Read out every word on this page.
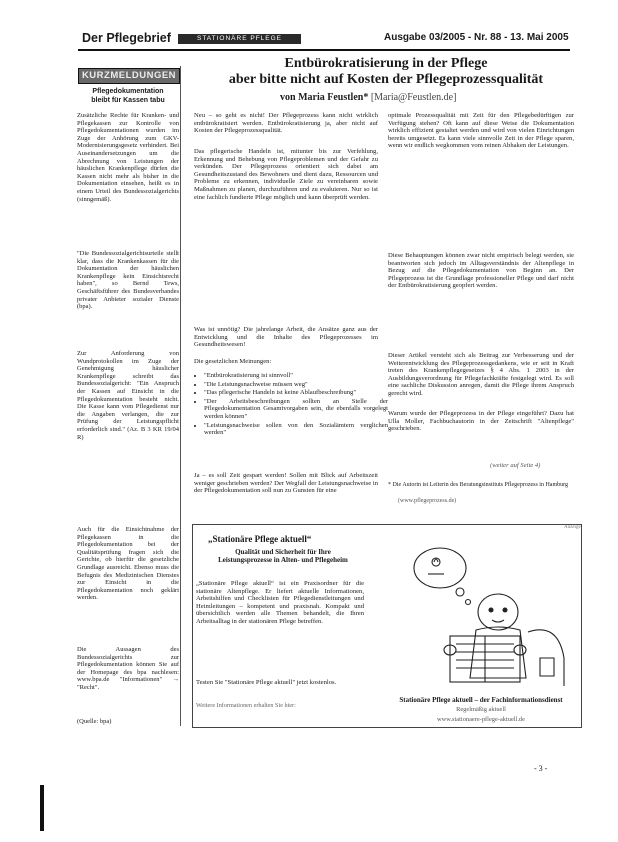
Der Pflegebrief	STATIONÄRE PFLEGE	Ausgabe 03/2005 - Nr. 88 - 13. Mai 2005
KURZMELDUNGEN
Pflegedokumentation
bleibt für Kassen tabu
Zusätzliche Rechte für Kranken- und Pflegekassen zur Kontrolle von Pflegedokumentationen wurden im Zuge der Anhörung zum GKV-Modernisierungsgesetz verhindert. Bei Auseinandersetzungen um die Abrechnung von Leistungen der häuslichen Krankenpflege dürfen die Kassen nicht mehr als bisher in die Dokumentation einsehen, heißt es in einem Urteil des Bundessozialgerichts (sinngemäß).
"Die Bundessozialgerichtsurteile stellt klar, dass die Krankenkassen für die Dokumentation der häuslichen Krankenpflege kein Einsichtsrecht haben", so Bernd Tews, Geschäftsführer des Bundesverbandes privater Anbieter sozialer Dienste (bpa).
Zur Anforderung von Wundprotokollen im Zuge der Genehmigung häuslicher Krankenpflege schreibt das Bundessozialgericht: "Ein Anspruch der Kassen auf Einsicht in die Pflegedokumentation besteht nicht. Die Kasse kann vom Pflegedienst nur die Angaben verlangen, die zur Prüfung der Leistungspflicht erforderlich sind." (Az. B 3 KR 19/04 R)
Auch für die Einsichtnahme der Pflegekassen in die Pflegedokumentation bei der Qualitätsprüfung fragen sich die Gerichte, ob hierfür die gesetzliche Grundlage ausreicht. Ebenso muss die Befugnis des Medizinischen Dienstes zur Einsicht in die Pflegedokumentation noch geklärt werden.
Die Aussagen des Bundessozialgerichts zur Pflegedokumentation können Sie auf der Homepage des bpa nachlesen: www.bpa.de "Informationen" → "Recht".
(Quelle: bpa)
Entbürokratisierung in der Pflege
aber bitte nicht auf Kosten der Pflegeprozessqualität
von Maria Feustlen* [Maria@Feustlen.de]
Neu – so geht es nicht! Der Pflegeprozess kann nicht wirklich entbürokratisiert werden. Entbürokratisierung ja, aber nicht auf Kosten der Pflegeprozessqualität.
Das pflegerische Handeln ist, mitunter bis zur Verfehlung, Erkennung und Behebung von Pflegeproblemen und der Gefahr zu verkünden. Der Pflegeprozess orientiert sich dabei am Gesundheitszustand des Bewohners und dient dazu, Ressourcen und Probleme zu erkennen, individuelle Ziele zu vereinbaren sowie Maßnahmen zu planen, durchzuführen und zu evaluieren. Nur so ist eine fachlich fundierte Pflege möglich und kann überprüft werden.
Was ist unnötig? Die jahrelange Arbeit, die Ansätze ganz aus der Entwicklung und die Inhalte des Pflegeprozesses im Gesundheitswesen!
Die gesetzlichen Meinungen:
• "Entbürokratisierung ist sinnvoll"
• "Die Leistungsnachweise müssen weg"
• "Das pflegerische Handeln ist keine Ablaufbeschreibung"
• "Der Arbeitsbeschreibungen sollten an Stelle der Pflegedokumentation Gesamtvorgaben sein, die ebenfalls vorgelegt werden können"
• "Leistungsnachweise sollen von den Sozialämtern verglichen werden"
Ja – es soll Zeit gespart werden! Sollen mit Blick auf Arbeitszeit weniger geschrieben werden? Der Wegfall der Leistungsnachweise in der Pflegedokumentation soll nun zu Gunsten für eine
optimale Prozessqualität mit Zeit für den Pflegebedürftigen zur Verfügung stehen? Oft kann auf diese Weise die Dokumentation wirklich effizient gestaltet werden und wird von vielen Einrichtungen bereits umgesetzt. Es kann viele sinnvolle Zeit in der Pflege sparen, wenn wir endlich wegkommen vom reinen Abhaken der Leistungen.
Diese Behauptungen können zwar nicht empirisch belegt werden, sie beantworten sich jedoch im Alltagsverständnis der Altenpflege in Bezug auf die Pflegedokumentation von Beginn an. Der Pflegeprozess ist die Grundlage professioneller Pflege und darf nicht der Entbürokratisierung geopfert werden.
Dieser Artikel versteht sich als Beitrag zur Verbesserung und der Weiterentwicklung des Pflegeprozessgedankens, wie er seit in Kraft treten des Krankenpflegegesetzes § 4 Abs. 1 2003 in der Ausbildungsverordnung für Pflegefachkräfte festgelegt wird. Es soll eine sachliche Diskussion anregen, damit die Pflege ihrem Anspruch gerecht wird.
Warum wurde der Pflegeprozess in der Pflege eingeführt? Dazu hat Ulla Moller, Fachbuchautorin in der Zeitschrift "Altenpflege" geschrieben.
(weiter auf Seite 4)
* Die Autorin ist Leiterin des Beratungsinstituts Pflegeprozess in Hamburg
(www.pflegeprozess.de)
Anzeige
„Stationäre Pflege aktuell“
Qualität und Sicherheit für Ihre Leistungsprozesse in Alten- und Pflegeheim
„Stationäre Pflege aktuell“ ist ein Praxisordner für die stationäre Altenpflege. Er liefert aktuelle Informationen, Arbeitshilfen und Checklisten für Pflegedienstleitungen und Heimleitungen – kompetent und praxisnah. Kompakt und übersichtlich werden alle Themen behandelt, die Ihren Arbeitsalltag in der stationären Pflege betreffen.
Testen Sie "Stationäre Pflege aktuell" jetzt kostenlos.
Weitere Informationen erhalten Sie hier:
Stationäre Pflege aktuell – der Fachinformationsdienst
Regelmäßig aktuell
www.stationaere-pflege-aktuell.de
- 3 -
